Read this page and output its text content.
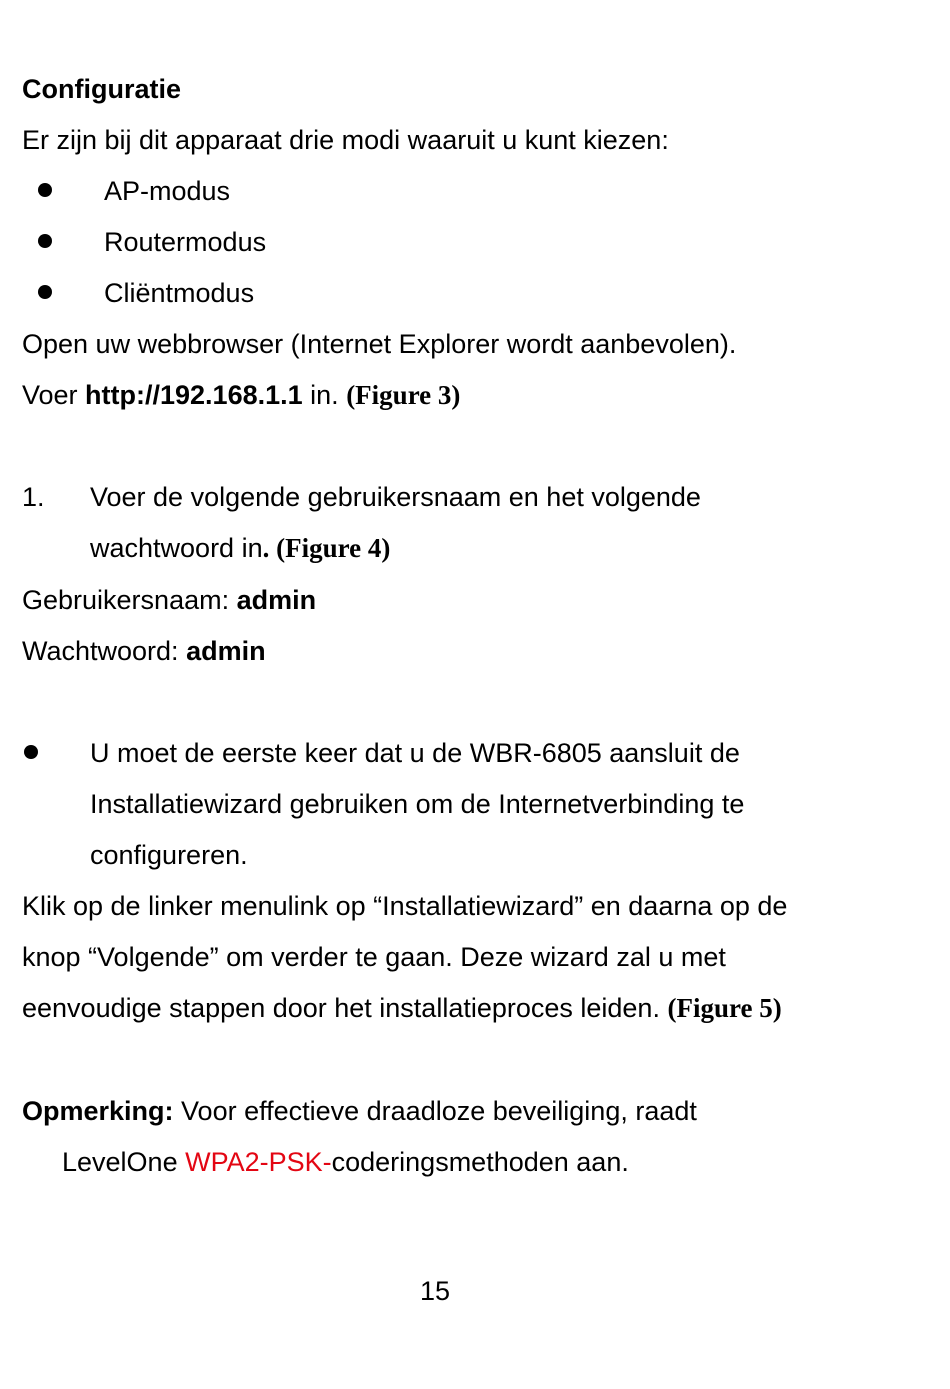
Configuratie
Er zijn bij dit apparaat drie modi waaruit u kunt kiezen:
AP-modus
Routermodus
Cliëntmodus
Open uw webbrowser (Internet Explorer wordt aanbevolen).
Voer http://192.168.1.1 in. (Figure 3)
1. Voer de volgende gebruikersnaam en het volgende
wachtwoord in. (Figure 4)
Gebruikersnaam: admin
Wachtwoord: admin
U moet de eerste keer dat u de WBR-6805 aansluit de
Installatiewizard gebruiken om de Internetverbinding te
configureren.
Klik op de linker menulink op “Installatiewizard” en daarna op de
knop “Volgende” om verder te gaan. Deze wizard zal u met
eenvoudige stappen door het installatieproces leiden. (Figure 5)
Opmerking: Voor effectieve draadloze beveiliging, raadt
LevelOne WPA2-PSK-coderingsmethoden aan.
15
